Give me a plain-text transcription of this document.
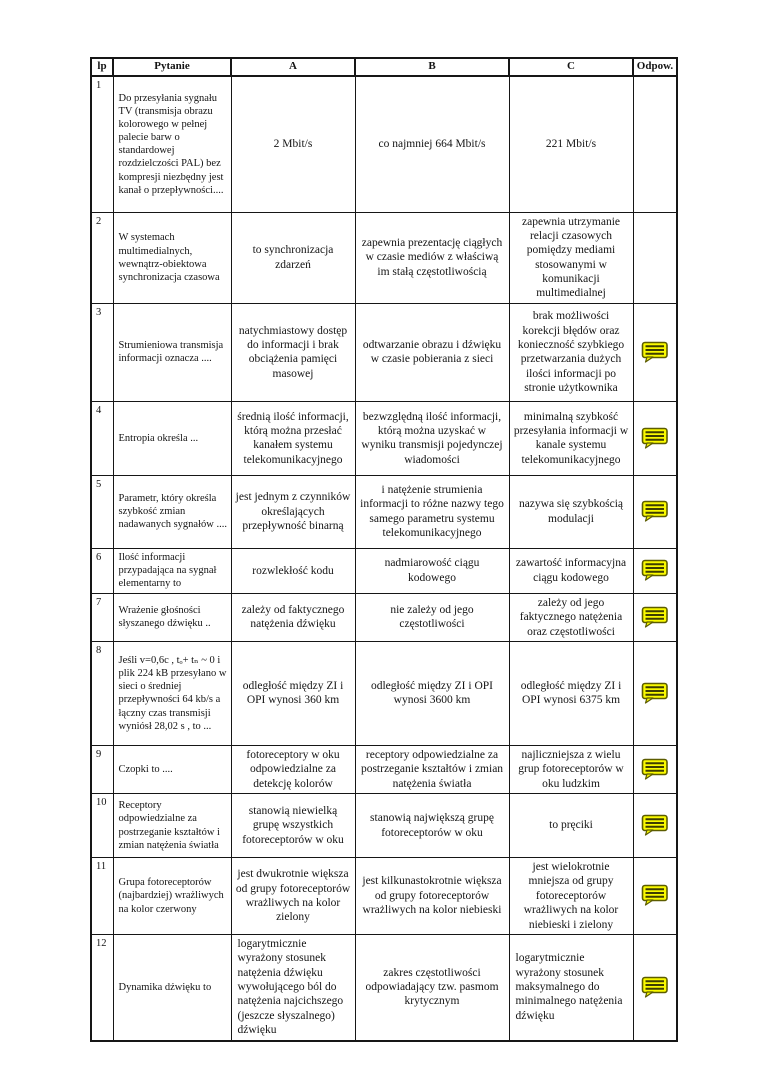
lp	Pytanie	A	B	C	Odpow.
1	Do przesyłania sygnału TV (transmisja obrazu kolorowego w pełnej palecie barw o standardowej rozdzielczości PAL) bez kompresji niezbędny jest kanał o przepływności....	2 Mbit/s	co najmniej 664 Mbit/s	221 Mbit/s	
2	W systemach multimedialnych, wewnątrz-obiektowa synchronizacja czasowa	to synchronizacja zdarzeń	zapewnia prezentację ciągłych w czasie mediów z właściwą im stałą częstotliwością	zapewnia utrzymanie relacji czasowych pomiędzy mediami stosowanymi w komunikacji multimedialnej	
3	Strumieniowa transmisja informacji oznacza ....	natychmiastowy dostęp do informacji i brak obciążenia pamięci masowej	odtwarzanie obrazu i dźwięku w czasie pobierania z sieci	brak możliwości korekcji błędów oraz konieczność szybkiego przetwarzania dużych ilości informacji po stronie użytkownika	
4	Entropia określa ...	średnią ilość informacji, którą można przesłać kanałem systemu telekomunikacyjnego	bezwzględną ilość informacji, którą można uzyskać w wyniku transmisji pojedynczej wiadomości	minimalną szybkość przesyłania informacji w kanale systemu telekomunikacyjnego	
5	Parametr, który określa szybkość zmian nadawanych sygnałów ....	jest jednym z czynników określających przepływność binarną	i natężenie strumienia informacji to różne nazwy tego samego parametru systemu telekomunikacyjnego	nazywa się szybkością modulacji	
6	Ilość informacji przypadająca na sygnał elementarny to	rozwlekłość kodu	nadmiarowość ciągu kodowego	zawartość informacyjna ciągu kodowego	
7	Wrażenie głośności słyszanego dźwięku ..	zależy od faktycznego natężenia dźwięku	nie zależy od jego częstotliwości	zależy od jego faktycznego natężenia oraz częstotliwości	
8	Jeśli v=0,6c , tₒ+ tₙ ~ 0 i plik 224 kB przesyłano w sieci o średniej przepływności 64 kb/s a łączny czas transmisji wyniósł 28,02 s , to ...	odległość między ZI i OPI wynosi 360 km	odległość między ZI i OPI wynosi 3600 km	odległość między ZI i OPI wynosi 6375 km	
9	Czopki to ....	fotoreceptory w oku odpowiedzialne za detekcję kolorów	receptory odpowiedzialne za postrzeganie kształtów i zmian natężenia światła	najliczniejsza z wielu grup fotoreceptorów w oku ludzkim	
10	Receptory odpowiedzialne za postrzeganie kształtów i zmian natężenia światła	stanowią niewielką grupę wszystkich fotoreceptorów w oku	stanowią największą grupę fotoreceptorów w oku	to pręciki	
11	Grupa fotoreceptorów (najbardziej) wrażliwych na kolor czerwony	jest dwukrotnie większa od grupy fotoreceptorów wrażliwych na kolor zielony	jest kilkunastokrotnie większa od grupy fotoreceptorów wrażliwych na kolor niebieski	jest wielokrotnie mniejsza od grupy fotoreceptorów wrażliwych na kolor niebieski i zielony	
12	Dynamika dźwięku to	logarytmicznie wyrażony stosunek natężenia dźwięku wywołującego ból do natężenia najcichszego (jeszcze słyszalnego) dźwięku	zakres częstotliwości odpowiadający tzw. pasmom krytycznym	logarytmicznie wyrażony stosunek maksymalnego do minimalnego natężenia dźwięku	
